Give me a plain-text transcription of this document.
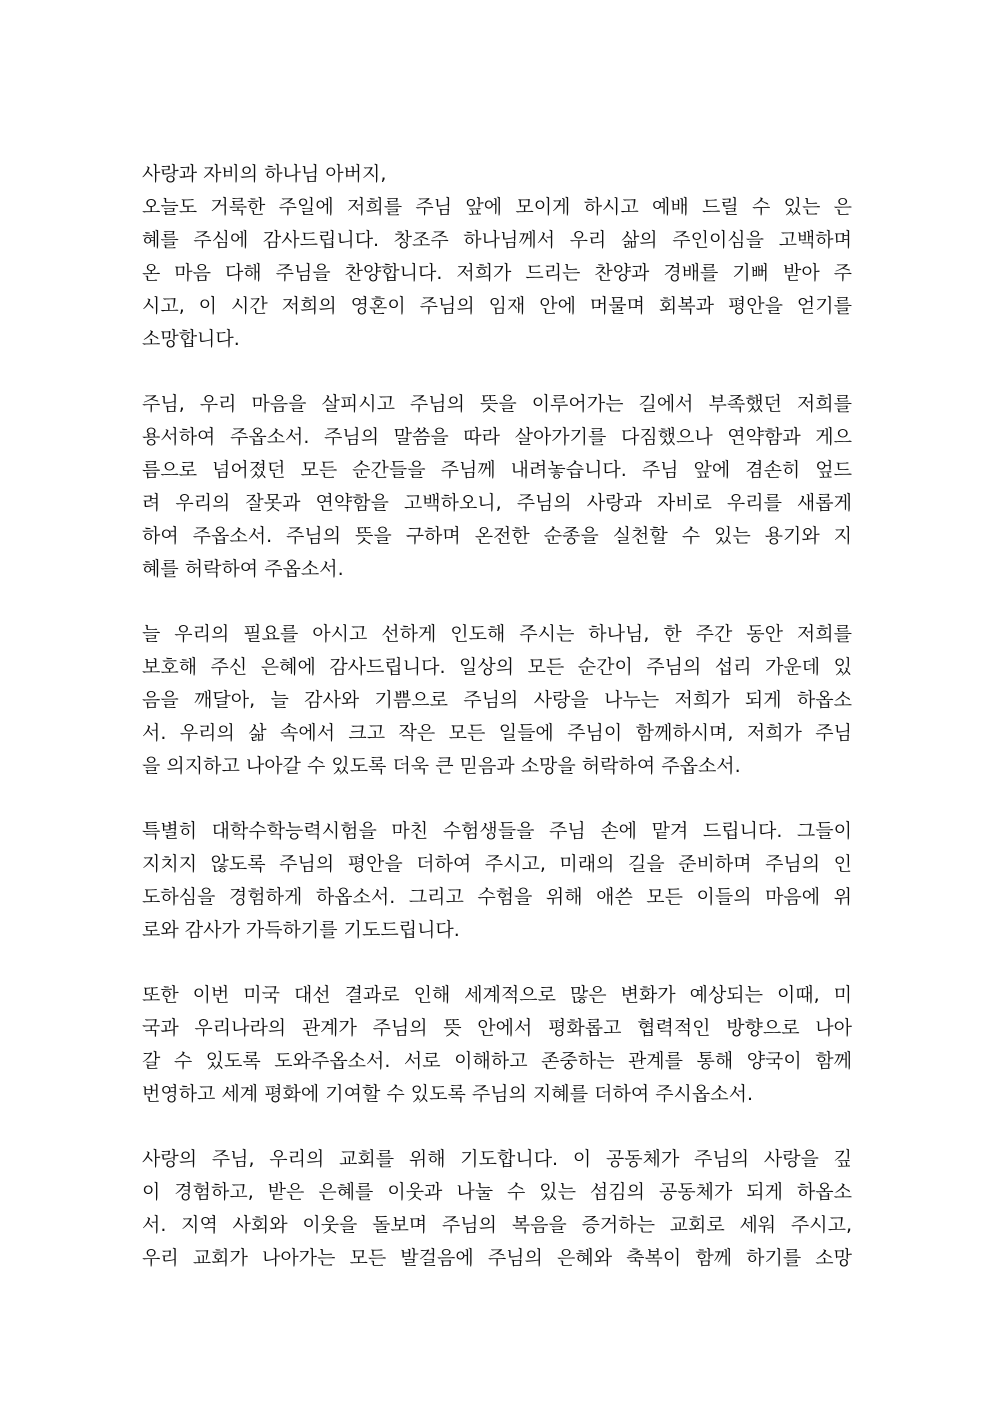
사랑과 자비의 하나님 아버지,
오늘도 거룩한 주일에 저희를 주님 앞에 모이게 하시고 예배 드릴 수 있는 은
혜를 주심에 감사드립니다. 창조주 하나님께서 우리 삶의 주인이심을 고백하며
온 마음 다해 주님을 찬양합니다. 저희가 드리는 찬양과 경배를 기뻐 받아 주
시고, 이 시간 저희의 영혼이 주님의 임재 안에 머물며 회복과 평안을 얻기를
소망합니다.
주님, 우리 마음을 살피시고 주님의 뜻을 이루어가는 길에서 부족했던 저희를
용서하여 주옵소서. 주님의 말씀을 따라 살아가기를 다짐했으나 연약함과 게으
름으로 넘어졌던 모든 순간들을 주님께 내려놓습니다. 주님 앞에 겸손히 엎드
려 우리의 잘못과 연약함을 고백하오니, 주님의 사랑과 자비로 우리를 새롭게
하여 주옵소서. 주님의 뜻을 구하며 온전한 순종을 실천할 수 있는 용기와 지
혜를 허락하여 주옵소서.
늘 우리의 필요를 아시고 선하게 인도해 주시는 하나님, 한 주간 동안 저희를
보호해 주신 은혜에 감사드립니다. 일상의 모든 순간이 주님의 섭리 가운데 있
음을 깨달아, 늘 감사와 기쁨으로 주님의 사랑을 나누는 저희가 되게 하옵소
서. 우리의 삶 속에서 크고 작은 모든 일들에 주님이 함께하시며, 저희가 주님
을 의지하고 나아갈 수 있도록 더욱 큰 믿음과 소망을 허락하여 주옵소서.
특별히 대학수학능력시험을 마친 수험생들을 주님 손에 맡겨 드립니다. 그들이
지치지 않도록 주님의 평안을 더하여 주시고, 미래의 길을 준비하며 주님의 인
도하심을 경험하게 하옵소서. 그리고 수험을 위해 애쓴 모든 이들의 마음에 위
로와 감사가 가득하기를 기도드립니다.
또한 이번 미국 대선 결과로 인해 세계적으로 많은 변화가 예상되는 이때, 미
국과 우리나라의 관계가 주님의 뜻 안에서 평화롭고 협력적인 방향으로 나아
갈 수 있도록 도와주옵소서. 서로 이해하고 존중하는 관계를 통해 양국이 함께
번영하고 세계 평화에 기여할 수 있도록 주님의 지혜를 더하여 주시옵소서.
사랑의 주님, 우리의 교회를 위해 기도합니다. 이 공동체가 주님의 사랑을 깊
이 경험하고, 받은 은혜를 이웃과 나눌 수 있는 섬김의 공동체가 되게 하옵소
서. 지역 사회와 이웃을 돌보며 주님의 복음을 증거하는 교회로 세워 주시고,
우리 교회가 나아가는 모든 발걸음에 주님의 은혜와 축복이 함께 하기를 소망
